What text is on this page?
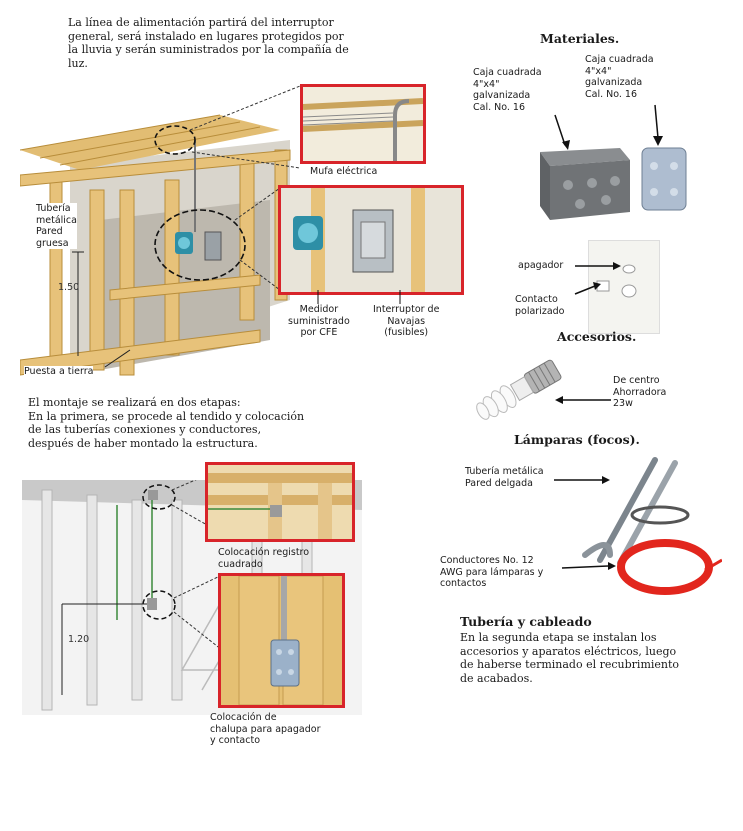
La línea de alimentación partirá del interruptor
general, será instalado en lugares protegidos por
la lluvia y serán suministrados por la compañía de
luz.
Mufa eléctrica
Medidor
suministrado
por CFE
Interruptor de
Navajas
(fusibles)
Tubería
metálica
Pared
gruesa
1.50
Puesta a tierra
Materiales.
Caja cuadrada
4"x4"
galvanizada
Cal. No. 16
Caja cuadrada
4"x4"
galvanizada
Cal. No. 16
apagador
Contacto
polarizado
Accesorios.
De centro
Ahorradora
23w
Lámparas (focos).
El montaje se realizará en dos etapas:
En la primera, se procede al tendido y colocación
de las tuberías conexiones y conductores,
después de haber montado la estructura.
Colocación registro
cuadrado
Colocación de
chalupa para apagador
y contacto
1.20
Tubería metálica
Pared delgada
Conductores No. 12
AWG para lámparas y
contactos
Tubería y cableado
En la segunda etapa se instalan los
accesorios y aparatos eléctricos, luego
de haberse terminado el recubrimiento
de acabados.
